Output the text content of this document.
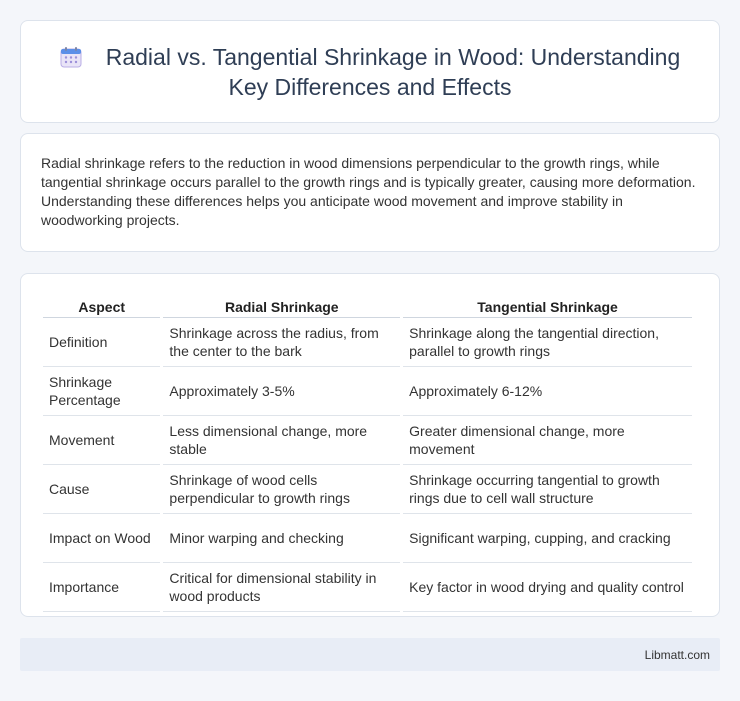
Radial vs. Tangential Shrinkage in Wood: Understanding Key Differences and Effects

Radial shrinkage refers to the reduction in wood dimensions perpendicular to the growth rings, while tangential shrinkage occurs parallel to the growth rings and is typically greater, causing more deformation. Understanding these differences helps you anticipate wood movement and improve stability in woodworking projects.

Aspect	Radial Shrinkage	Tangential Shrinkage
Definition	Shrinkage across the radius, from the center to the bark	Shrinkage along the tangential direction, parallel to growth rings
Shrinkage Percentage	Approximately 3-5%	Approximately 6-12%
Movement	Less dimensional change, more stable	Greater dimensional change, more movement
Cause	Shrinkage of wood cells perpendicular to growth rings	Shrinkage occurring tangential to growth rings due to cell wall structure
Impact on Wood	Minor warping and checking	Significant warping, cupping, and cracking
Importance	Critical for dimensional stability in wood products	Key factor in wood drying and quality control
Libmatt.com
